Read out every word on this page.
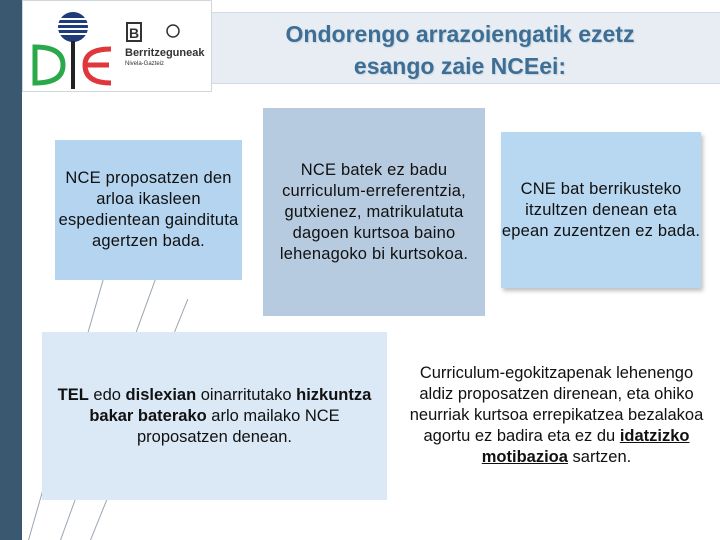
B
Berritzeguneak
Nivela-Gazteiz
Ondorengo arrazoiengatik ezetz
esango zaie NCEei:
NCE proposatzen den arloa ikasleen espedientean gaindituta agertzen bada.
NCE batek ez badu curriculum-erreferentzia, gutxienez, matrikulatuta dagoen kurtsoa baino lehenagoko bi kurtsokoa.
CNE bat berrikusteko itzultzen denean eta epean zuzentzen ez bada.
TEL edo dislexian oinarritutako hizkuntza bakar baterako arlo mailako NCE proposatzen denean.
Curriculum-egokitzapenak lehenengo aldiz proposatzen direnean, eta ohiko neurriak kurtsoa errepikatzea bezalakoa agortu ez badira eta ez du idatzizko motibazioa sartzen.
